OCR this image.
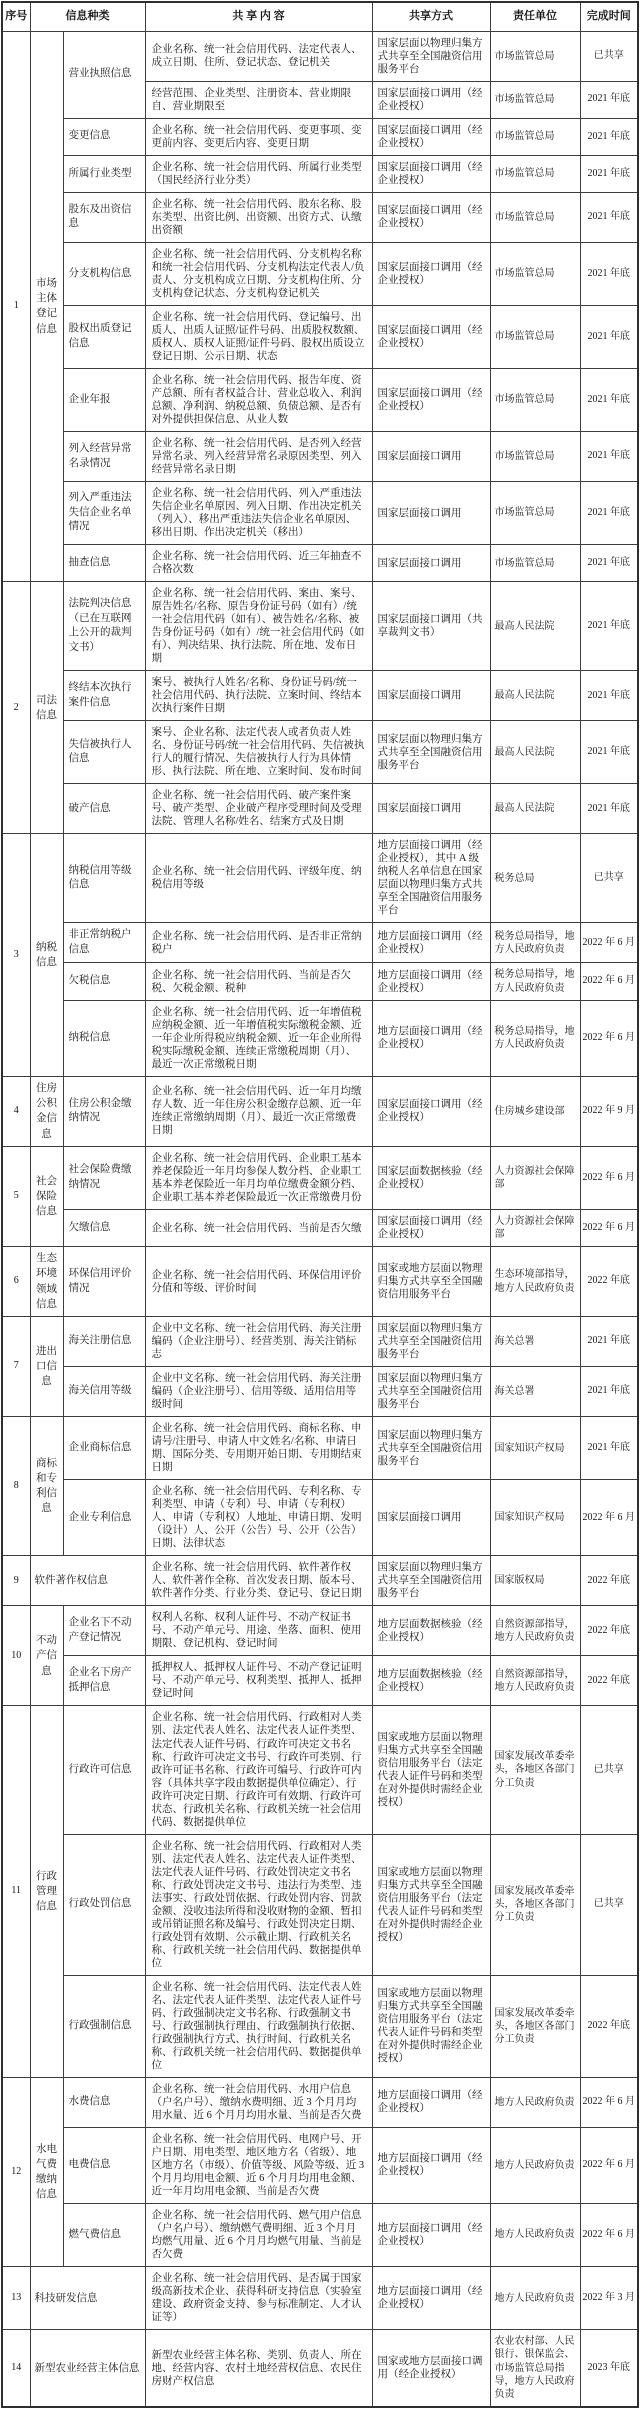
序号	信息种类		共 享 内 容	共享方式	责任单位	完成时间
1	市场主体登记信息	营业执照信息	企业名称、统一社会信用代码、法定代表人、成立日期、住所、登记状态、登记机关	国家层面以物理归集方式共享至全国融资信用服务平台	市场监管总局	已共享
			经营范围、企业类型、注册资本、营业期限自、营业期限至	国家层面接口调用（经企业授权）	市场监管总局	2021 年底
		变更信息	企业名称、统一社会信用代码、变更事项、变更前内容、变更后内容、变更日期	国家层面接口调用（经企业授权）	市场监管总局	2021 年底
		所属行业类型	企业名称、统一社会信用代码、所属行业类型（国民经济行业分类）	国家层面接口调用（经企业授权）	市场监管总局	2021 年底
		股东及出资信息	企业名称、统一社会信用代码、股东名称、股东类型、出资比例、出资额、出资方式、认缴出资额	国家层面接口调用（经企业授权）	市场监管总局	2021 年底
		分支机构信息	企业名称、统一社会信用代码、分支机构名称和统一社会信用代码、分支机构法定代表人/负责人、分支机构成立日期、分支机构住所、分支机构登记状态、分支机构登记机关	国家层面接口调用（经企业授权）	市场监管总局	2021 年底
		股权出质登记信息	企业名称、统一社会信用代码、登记编号、出质人、出质人证照/证件号码、出质股权数额、质权人、质权人证照/证件号码、股权出质设立登记日期、公示日期、状态	国家层面接口调用（经企业授权）	市场监管总局	2021 年底
		企业年报	企业名称、统一社会信用代码、报告年度、资产总额、所有者权益合计、营业总收入、利润总额、净利润、纳税总额、负债总额、是否有对外提供担保信息、从业人数	国家层面接口调用（经企业授权）	市场监管总局	2021 年底
		列入经营异常名录情况	企业名称、统一社会信用代码、是否列入经营异常名录、列入经营异常名录原因类型、列入经营异常名录日期	国家层面接口调用	市场监管总局	2021 年底
		列入严重违法失信企业名单情况	企业名称、统一社会信用代码、列入严重违法失信企业名单原因、列入日期、作出决定机关（列入）、移出严重违法失信企业名单原因、移出日期、作出决定机关（移出）	国家层面接口调用	市场监管总局	2021 年底
		抽查信息	企业名称、统一社会信用代码、近三年抽查不合格次数	国家层面接口调用	市场监管总局	2021 年底
2	司法信息	法院判决信息（已在互联网上公开的裁判文书）	企业名称、统一社会信用代码、案由、案号、原告姓名/名称、原告身份证号码（如有）/统一社会信用代码（如有）、被告姓名/名称、被告身份证号码（如有）/统一社会信用代码（如有）、判决结果、执行法院、所在地、发布日期	国家层面接口调用（共享裁判文书）	最高人民法院	2021 年底
		终结本次执行案件信息	案号、被执行人姓名/名称、身份证号码/统一社会信用代码、执行法院、立案时间、终结本次执行案件日期	国家层面接口调用	最高人民法院	2021 年底
		失信被执行人信息	案号、企业名称、法定代表人或者负责人姓名、身份证号码/统一社会信用代码、失信被执行人的履行情况、失信被执行人行为具体情形、执行法院、所在地、立案时间、发布时间	国家层面以物理归集方式共享至全国融资信用服务平台	最高人民法院	2021 年底
		破产信息	企业名称、统一社会信用代码、破产案件案号、破产类型、企业破产程序受理时间及受理法院、管理人名称/姓名、结案方式及日期	国家层面接口调用	最高人民法院	2021 年底
3	纳税信息	纳税信用等级信息	企业名称、统一社会信用代码、评级年度、纳税信用等级	地方层面接口调用（经企业授权），其中 A 级纳税人名单信息在国家层面以物理归集方式共享至全国融资信用服务平台	税务总局	已共享
		非正常纳税户信息	企业名称、统一社会信用代码、是否非正常纳税户	地方层面接口调用（经企业授权）	税务总局指导，地方人民政府负责	2022 年 6 月
		欠税信息	企业名称、统一社会信用代码、当前是否欠税、欠税金额、税种	地方层面接口调用（经企业授权）	税务总局指导，地方人民政府负责	2022 年 6 月
		纳税信息	企业名称、统一社会信用代码、近一年增值税应纳税金额、近一年增值税实际缴税金额、近一年企业所得税应纳税金额、近一年企业所得税实际缴税金额、连续正常缴税周期（月）、最近一次正常缴税日期	地方层面接口调用（经企业授权）	税务总局指导，地方人民政府负责	2022 年 6 月
4	住房公积金信息	住房公积金缴纳情况	企业名称、统一社会信用代码、近一年月均缴存人数、近一年住房公积金缴存总额、近一年连续正常缴纳周期（月）、最近一次正常缴费日期	国家层面接口调用（经企业授权）	住房城乡建设部	2022 年 9 月
5	社会保险信息	社会保险费缴纳情况	企业名称、统一社会信用代码、企业职工基本养老保险近一年月均参保人数分档、企业职工基本养老保险近一年月均单位缴费金额分档、企业职工基本养老保险最近一次正常缴费月份	国家层面数据核验（经企业授权）	人力资源社会保障部	2022 年 6 月
		欠缴信息	企业名称、统一社会信用代码、当前是否欠缴	国家层面接口调用（经企业授权）	人力资源社会保障部	2022 年 6 月
6	生态环境领域信息	环保信用评价情况	企业名称、统一社会信用代码、环保信用评价分值和等级、评价时间	国家或地方层面以物理归集方式共享至全国融资信用服务平台	生态环境部指导，地方人民政府负责	2022 年底
7	进出口信息	海关注册信息	企业中文名称、统一社会信用代码、海关注册编码（企业注册号）、经营类别、海关注销标志	国家层面以物理归集方式共享至全国融资信用服务平台	海关总署	2021 年底
		海关信用等级	企业中文名称、统一社会信用代码、海关注册编码（企业注册号）、信用等级、适用信用等级时间	国家层面以物理归集方式共享至全国融资信用服务平台	海关总署	2021 年底
8	商标和专利信息	企业商标信息	企业名称、统一社会信用代码、商标名称、申请号/注册号、申请人中文姓名/名称、申请日期、国际分类、专用期开始日期、专用期结束日期	国家层面以物理归集方式共享至全国融资信用服务平台	国家知识产权局	2021 年底
		企业专利信息	企业名称、统一社会信用代码、专利名称、专利类型、申请（专利）号、申请（专利权）人、申请（专利权）人地址、申请日期、发明（设计）人、公开（公告）号、公开（公告）日期、法律状态	国家层面接口调用	国家知识产权局	2022 年 6 月
9	软件著作权信息		企业名称、统一社会信用代码、软件著作权人、软件著作全称、首次发表日期、版本号、软件著作分类、行业分类、登记号、登记日期	国家层面以物理归集方式共享至全国融资信用服务平台	国家版权局	2022 年底
10	不动产信息	企业名下不动产登记情况	权利人名称、权利人证件号、不动产权证书号、不动产单元号、用途、坐落、面积、使用期限、登记机构、登记时间	地方层面数据核验（经企业授权）	自然资源部指导，地方人民政府负责	2022 年底
		企业名下房产抵押信息	抵押权人、抵押权人证件号、不动产登记证明号、不动产单元号、权利类型、抵押人、抵押登记时间	地方层面数据核验（经企业授权）	自然资源部指导，地方人民政府负责	2022 年底
11	行政管理信息	行政许可信息	企业名称、统一社会信用代码、行政相对人类别、法定代表人姓名、法定代表人证件类型、法定代表人证件号码、行政许可决定文书名称、行政许可决定文书号、行政许可类别、行政许可证书名称、行政许可编号、行政许可内容（具体共享字段由数据提供单位确定）、行政许可决定日期、行政许可有效期、行政许可状态、行政机关名称、行政机关统一社会信用代码、数据提供单位	国家或地方层面以物理归集方式共享至全国融资信用服务平台（法定代表人证件号码和类型在对外提供时需经企业授权）	国家发展改革委牵头，各地区各部门分工负责	已共享
		行政处罚信息	企业名称、统一社会信用代码、行政相对人类别、法定代表人姓名、法定代表人证件类型、法定代表人证件号码、行政处罚决定文书名称、行政处罚决定文书号、违法行为类型、违法事实、行政处罚依据、行政处罚内容、罚款金额、没收违法所得和没收财物的金额、暂扣或吊销证照名称及编号、行政处罚决定日期、行政处罚有效期、公示截止期、行政机关名称、行政机关统一社会信用代码、数据提供单位	国家或地方层面以物理归集方式共享至全国融资信用服务平台（法定代表人证件号码和类型在对外提供时需经企业授权）	国家发展改革委牵头，各地区各部门分工负责	已共享
		行政强制信息	企业名称、统一社会信用代码、法定代表人姓名、法定代表人证件类型、法定代表人证件号码、行政强制决定文书名称、行政强制文书号、行政强制执行理由、行政强制执行依据、行政强制执行方式、执行时间、行政机关名称、行政机关统一社会信用代码、数据提供单位	国家或地方层面以物理归集方式共享至全国融资信用服务平台（法定代表人证件号码和类型在对外提供时需经企业授权）	国家发展改革委牵头，各地区各部门分工负责	2022 年底
12	水电气费缴纳信息	水费信息	企业名称、统一社会信用代码、水用户信息（户名户号）、缴纳水费明细、近 3 个月月均用水量、近 6 个月月均用水量、当前是否欠费	地方层面接口调用（经企业授权）	地方人民政府负责	2022 年 6 月
		电费信息	企业名称、统一社会信用代码、电网户号、开户日期、用电类型、地区地方名（省级）、地区地方名（市级）、价值等级、风险等级、近 3 个月月均用电金额、近 6 个月月均用电金额、近一年月均用电金额、当前是否欠费	地方层面接口调用（经企业授权）	地方人民政府负责	2022 年 6 月
		燃气费信息	企业名称、统一社会信用代码、燃气用户信息（户名户号）、缴纳燃气费明细、近 3 个月月均燃气用量、近 6 个月月均燃气用量、当前是否欠费	地方层面接口调用（经企业授权）	地方人民政府负责	2022 年 6 月
13	科技研发信息		企业名称、统一社会信用代码、是否属于国家级高新技术企业、获得科研支持信息（实验室建设、政府资金支持、参与标准制定、人才认证等）	地方层面接口调用（经企业授权）	地方人民政府负责	2022 年 3 月
14	新型农业经营主体信息		新型农业经营主体名称、类别、负责人、所在地、经营内容、农村土地经营权信息、农民住房财产权信息	国家或地方层面接口调用（经企业授权）	农业农村部、人民银行、银保监会、市场监管总局指导，地方人民政府负责	2023 年底
